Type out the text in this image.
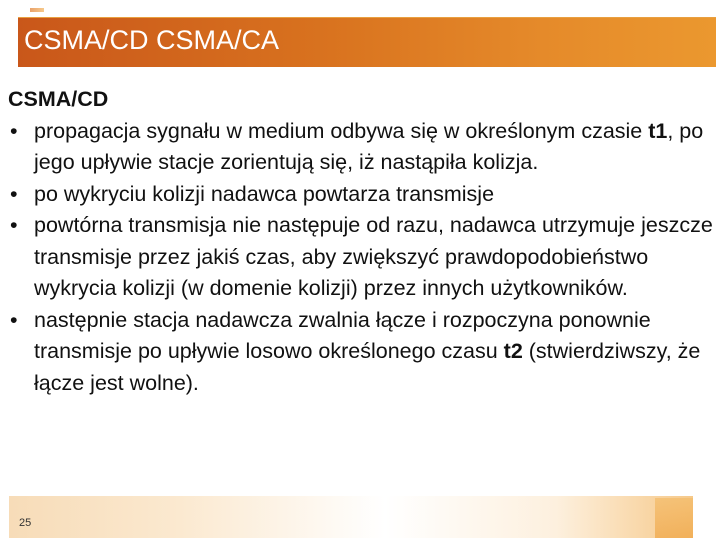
CSMA/CD CSMA/CA

CSMA/CD

• propagacja sygnału w medium odbywa się w określonym czasie t1, po jego upływie stacje zorientują się, iż nastąpiła kolizja.
• po wykryciu kolizji nadawca powtarza transmisje
• powtórna transmisja nie następuje od razu, nadawca utrzymuje jeszcze transmisje przez jakiś czas, aby zwiększyć prawdopodobieństwo wykrycia kolizji (w domenie kolizji) przez innych użytkowników.
• następnie stacja nadawcza zwalnia łącze i rozpoczyna ponownie transmisje po upływie losowo określonego czasu t2 (stwierdziwszy, że łącze jest wolne).
25
